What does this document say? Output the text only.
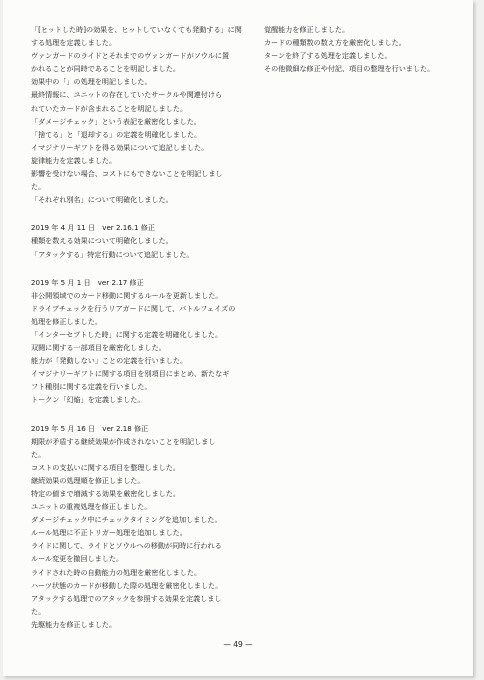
「[ヒットした時]の効果を、ヒットしていなくても発動する」に関
する処理を定義しました。
ヴァンガードのライドとそれまでのヴァンガードがソウルに置
かれることが同時であることを明記しました。
効果中の「」の処理を明記しました。
最終情報に、ユニットの存在していたサークルや関連付けら
れていたカードが含まれることを明記しました。
「ダメージチェック」という表記を厳密化しました。
「捨てる」と「退却する」の定義を明確化しました。
イマジナリーギフトを得る効果について追記しました。
旋律能力を定義しました。
影響を受けない場合、コストにもできないことを明記しまし
た。
「それぞれ別名」について明確化しました。
2019 年 4 月 11 日　ver 2.16.1 修正
種類を数える効果について明確化しました。
「アタックする」特定行動について追記しました。
2019 年 5 月 1 日　ver 2.17 修正
非公開領域でのカード移動に関するルールを更新しました。
ドライブチェックを行うリアガードに関して、バトルフェイズの
処理を修正しました。
「インターセプトした時」に関する定義を明確化しました。
双闘に関する一部項目を厳密化しました。
能力が「発動しない」ことの定義を行いました。
イマジナリーギフトに関する項目を別項目にまとめ、新たなギ
フト種別に関する定義を行いました。
トークン「幻焔」を定義しました。
2019 年 5 月 16 日　ver 2.18 修正
期限が矛盾する継続効果が作成されないことを明記しまし
た。
コストの支払いに関する項目を整理しました。
継続効果の処理順を修正しました。
特定の値まで増減する効果を厳密化しました。
ユニットの重複処理を修正しました。
ダメージチェック中にチェックタイミングを追加しました。
ルール処理に不正トリガー処理を追加しました。
ライドに関して、ライドとソウルへの移動が同時に行われる
ルール変更を撤回しました。
ライドされた時の自動能力の処理を厳密化しました。
ハーツ状態のカードが移動した際の処理を厳密化しました。
アタックする処理でのアタックを参照する効果を定義しまし
た。
先駆能力を修正しました。
覚醒能力を修正しました。
カードの種類数の数え方を厳密化しました。
ターンを終了する処理を定義しました。
その他微細な修正や付記、項目の整理を行いました。
— 49 —
